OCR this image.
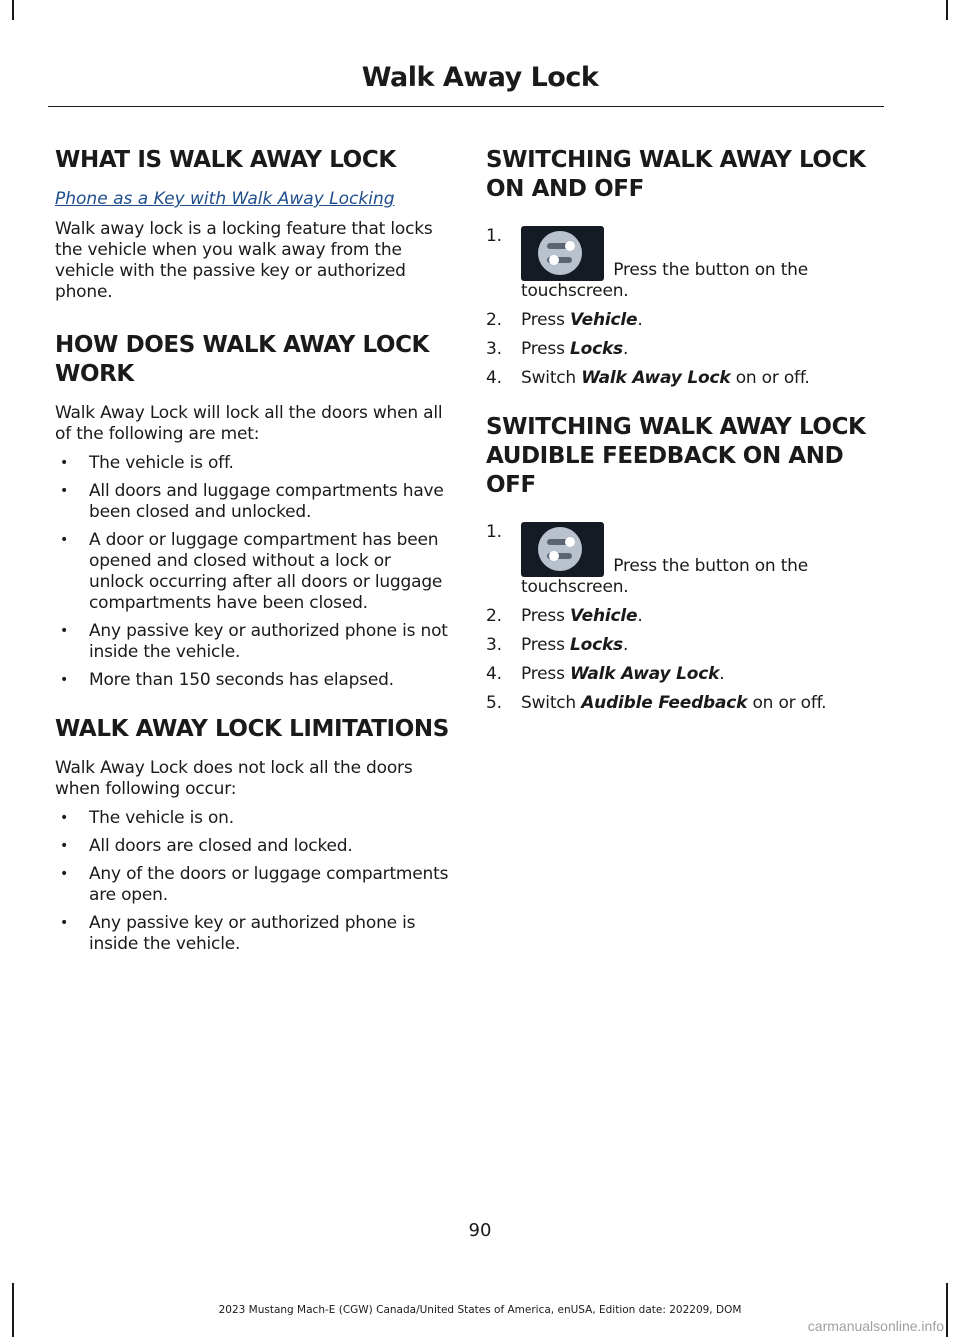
Walk Away Lock
WHAT IS WALK AWAY LOCK
Phone as a Key with Walk Away Locking

Walk away lock is a locking feature that locks the vehicle when you walk away from the vehicle with the passive key or authorized phone.

HOW DOES WALK AWAY LOCK WORK

Walk Away Lock will lock all the doors when all of the following are met:

• The vehicle is off.
• All doors and luggage compartments have been closed and unlocked.
• A door or luggage compartment has been opened and closed without a lock or unlock occurring after all doors or luggage compartments have been closed.
• Any passive key or authorized phone is not inside the vehicle.
• More than 150 seconds has elapsed.
WALK AWAY LOCK LIMITATIONS

Walk Away Lock does not lock all the doors when following occur:

• The vehicle is on.
• All doors are closed and locked.
• Any of the doors or luggage compartments are open.
• Any passive key or authorized phone is inside the vehicle.
SWITCHING WALK AWAY LOCK ON AND OFF
1.
Press the button on the touchscreen.
2. Press Vehicle.
3. Press Locks.
4. Switch Walk Away Lock on or off.
SWITCHING WALK AWAY LOCK AUDIBLE FEEDBACK ON AND OFF
1.
Press the button on the touchscreen.
2. Press Vehicle.
3. Press Locks.
4. Press Walk Away Lock.
5. Switch Audible Feedback on or off.
90
2023 Mustang Mach-E (CGW) Canada/United States of America, enUSA, Edition date: 202209, DOM
carmanualsonline.info
